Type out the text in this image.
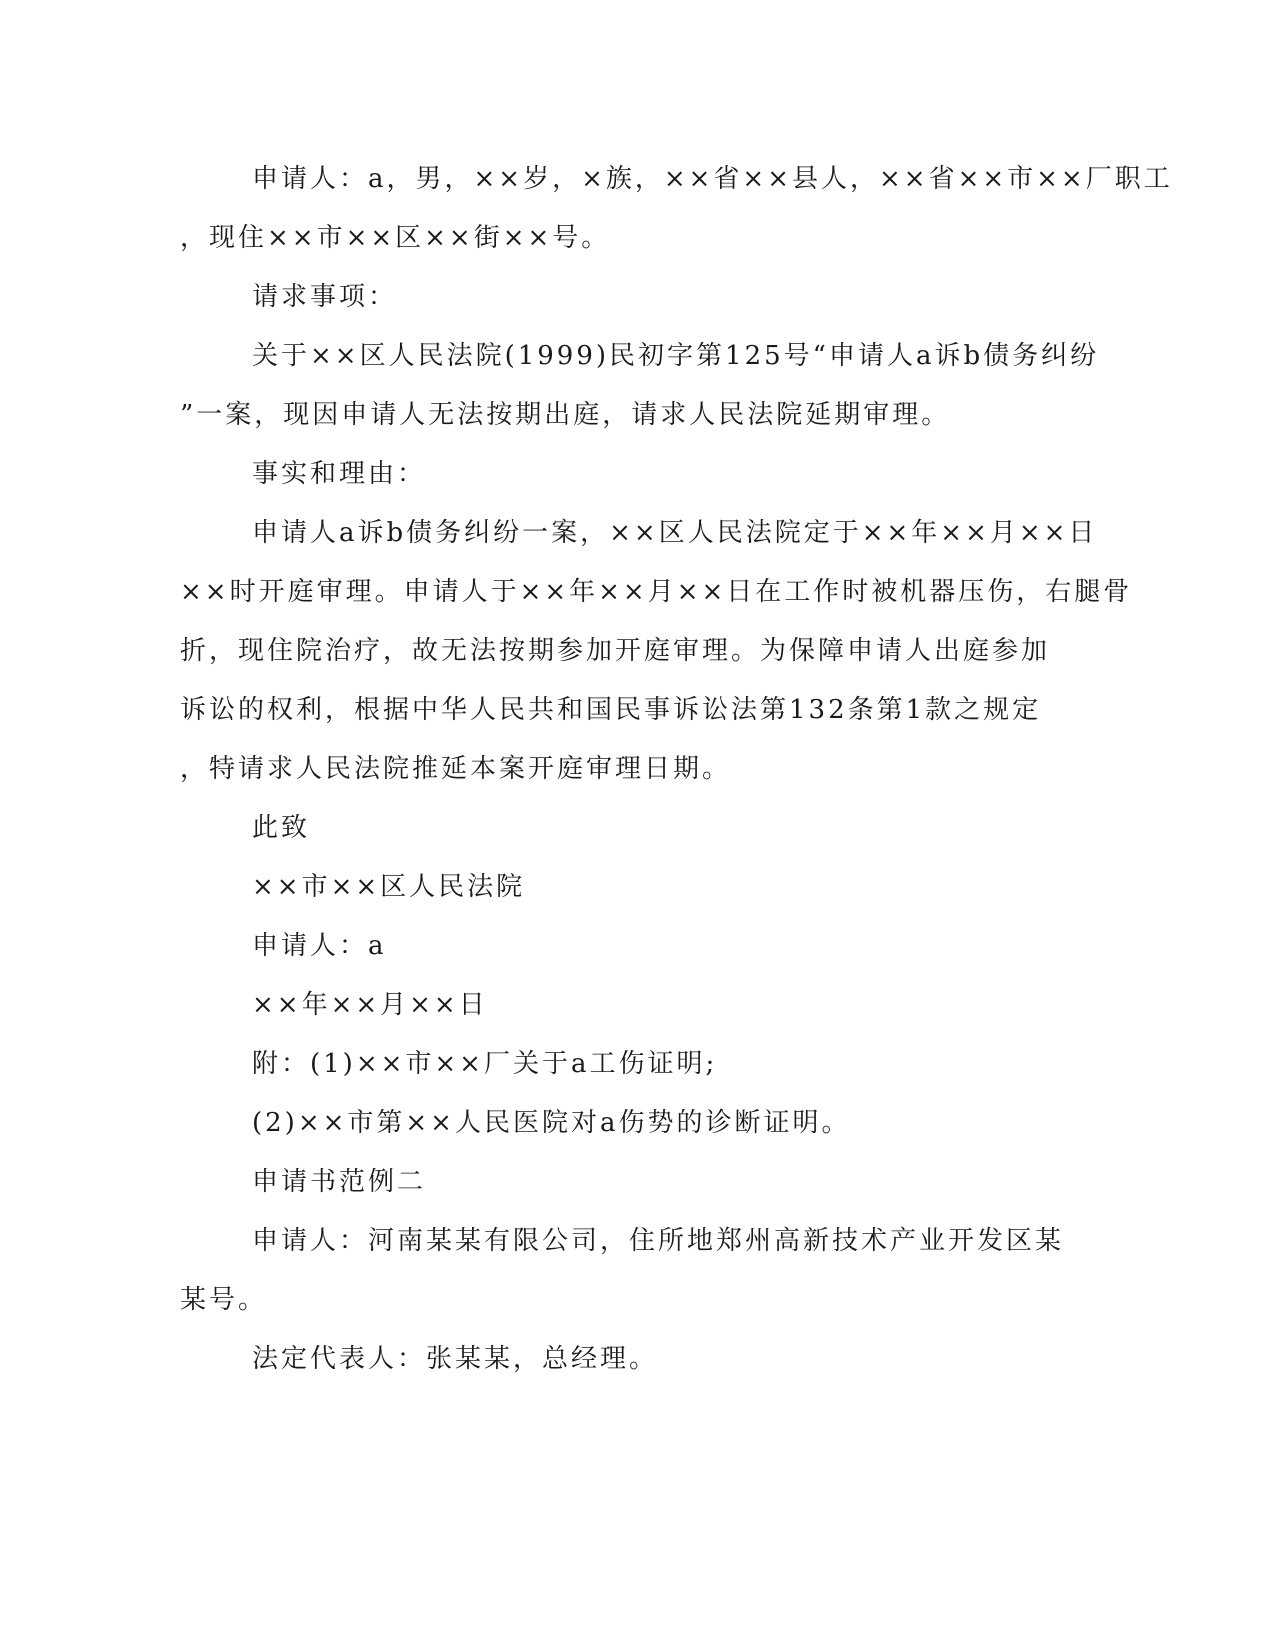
申请人：a，男，××岁，×族，××省××县人，××省××市××厂职工
，现住××市××区××街××号。

请求事项：

关于××区人民法院(1999)民初字第125号“申请人a诉b债务纠纷
”一案，现因申请人无法按期出庭，请求人民法院延期审理。

事实和理由：

申请人a诉b债务纠纷一案，××区人民法院定于××年××月××日
××时开庭审理。申请人于××年××月××日在工作时被机器压伤，右腿骨
折，现住院治疗，故无法按期参加开庭审理。为保障申请人出庭参加
诉讼的权利，根据中华人民共和国民事诉讼法第132条第1款之规定
，特请求人民法院推延本案开庭审理日期。

此致

××市××区人民法院

申请人：a

××年××月××日

附：(1)××市××厂关于a工伤证明;

(2)××市第××人民医院对a伤势的诊断证明。

申请书范例二

申请人：河南某某有限公司，住所地郑州高新技术产业开发区某
某号。

法定代表人：张某某，总经理。
